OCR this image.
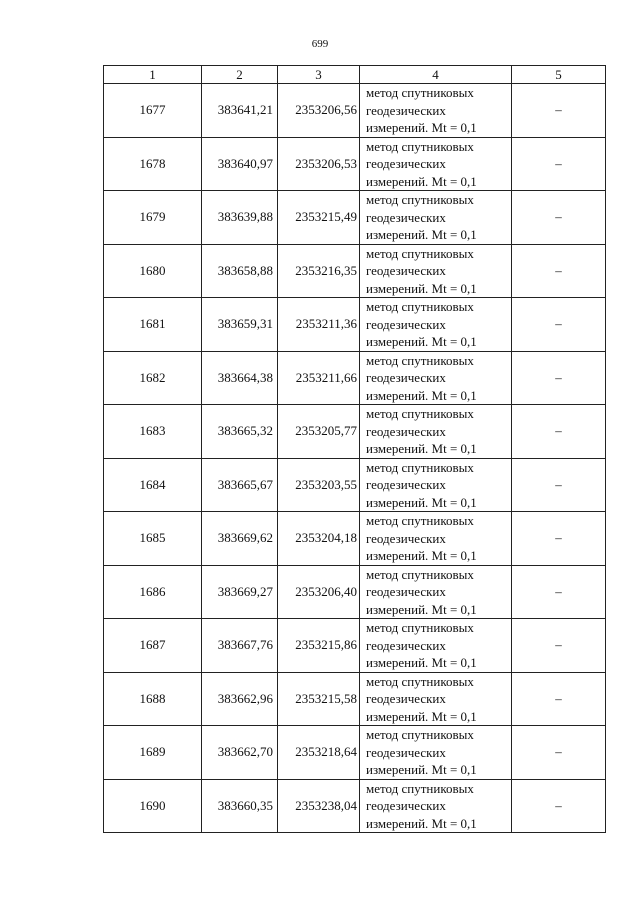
699
1	2	3	4	5
1677	383641,21	2353206,56	метод спутниковых
геодезических
измерений. Mt = 0,1	–
1678	383640,97	2353206,53	метод спутниковых
геодезических
измерений. Mt = 0,1	–
1679	383639,88	2353215,49	метод спутниковых
геодезических
измерений. Mt = 0,1	–
1680	383658,88	2353216,35	метод спутниковых
геодезических
измерений. Mt = 0,1	–
1681	383659,31	2353211,36	метод спутниковых
геодезических
измерений. Mt = 0,1	–
1682	383664,38	2353211,66	метод спутниковых
геодезических
измерений. Mt = 0,1	–
1683	383665,32	2353205,77	метод спутниковых
геодезических
измерений. Mt = 0,1	–
1684	383665,67	2353203,55	метод спутниковых
геодезических
измерений. Mt = 0,1	–
1685	383669,62	2353204,18	метод спутниковых
геодезических
измерений. Mt = 0,1	–
1686	383669,27	2353206,40	метод спутниковых
геодезических
измерений. Mt = 0,1	–
1687	383667,76	2353215,86	метод спутниковых
геодезических
измерений. Mt = 0,1	–
1688	383662,96	2353215,58	метод спутниковых
геодезических
измерений. Mt = 0,1	–
1689	383662,70	2353218,64	метод спутниковых
геодезических
измерений. Mt = 0,1	–
1690	383660,35	2353238,04	метод спутниковых
геодезических
измерений. Mt = 0,1	–
